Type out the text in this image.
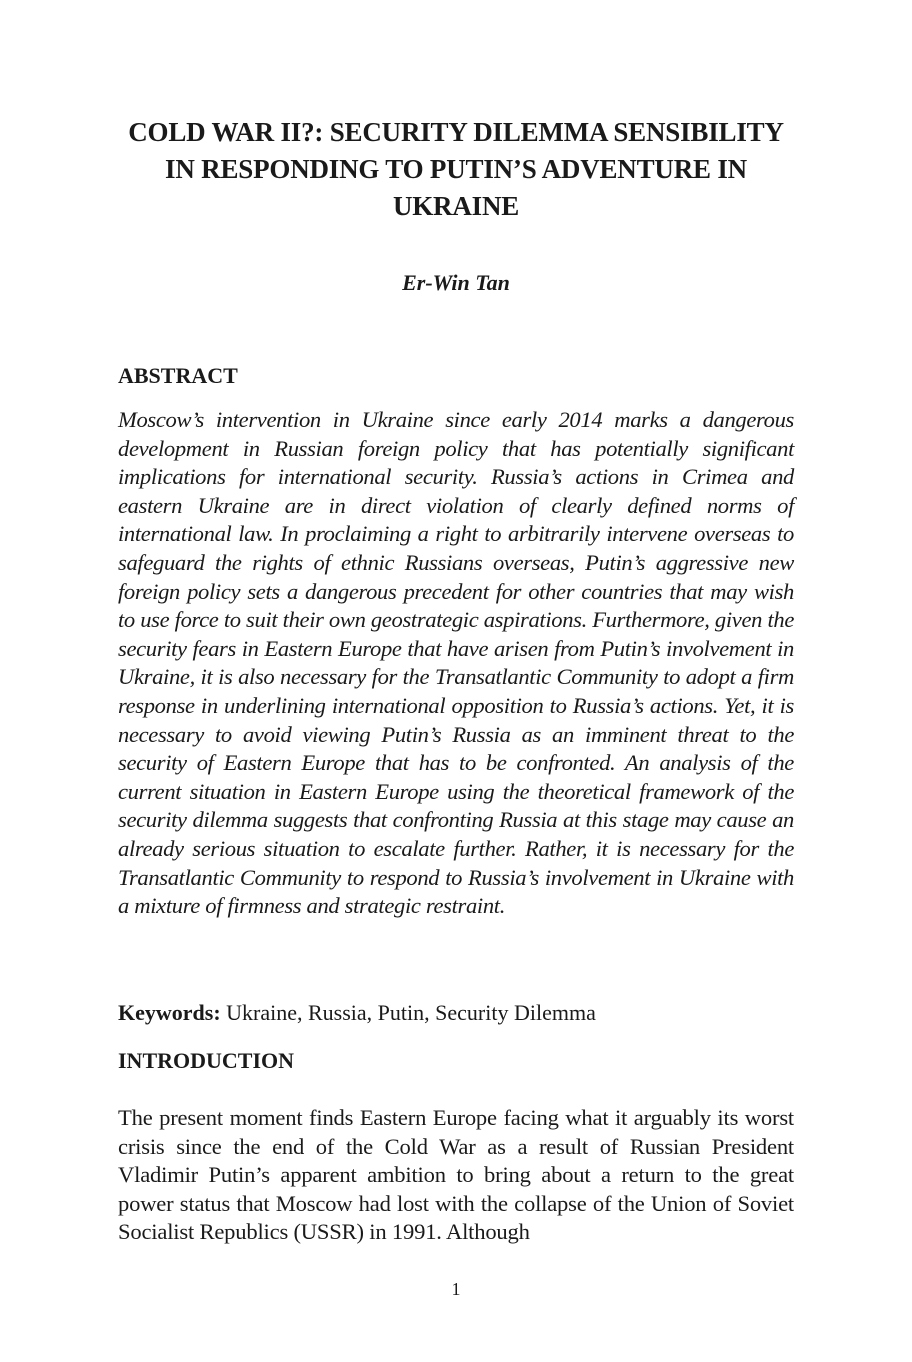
COLD WAR II?: SECURITY DILEMMA SENSIBILITY IN RESPONDING TO PUTIN’S ADVENTURE IN UKRAINE

Er-Win Tan

ABSTRACT

Moscow’s intervention in Ukraine since early 2014 marks a dangerous development in Russian foreign policy that has potentially significant implications for international security. Russia’s actions in Crimea and eastern Ukraine are in direct violation of clearly defined norms of international law. In proclaiming a right to arbitrarily intervene overseas to safeguard the rights of ethnic Russians overseas, Putin’s aggressive new foreign policy sets a dangerous precedent for other countries that may wish to use force to suit their own geostrategic aspirations. Furthermore, given the security fears in Eastern Europe that have arisen from Putin’s involvement in Ukraine, it is also necessary for the Transatlantic Community to adopt a firm response in underlining international opposition to Russia’s actions. Yet, it is necessary to avoid viewing Putin’s Russia as an imminent threat to the security of Eastern Europe that has to be confronted. An analysis of the current situation in Eastern Europe using the theoretical framework of the security dilemma suggests that confronting Russia at this stage may cause an already serious situation to escalate further. Rather, it is necessary for the Transatlantic Community to respond to Russia’s involvement in Ukraine with a mixture of firmness and strategic restraint.

Keywords: Ukraine, Russia, Putin, Security Dilemma

INTRODUCTION

The present moment finds Eastern Europe facing what it arguably its worst crisis since the end of the Cold War as a result of Russian President Vladimir Putin’s apparent ambition to bring about a return to the great power status that Moscow had lost with the collapse of the Union of Soviet Socialist Republics (USSR) in 1991. Although

1
